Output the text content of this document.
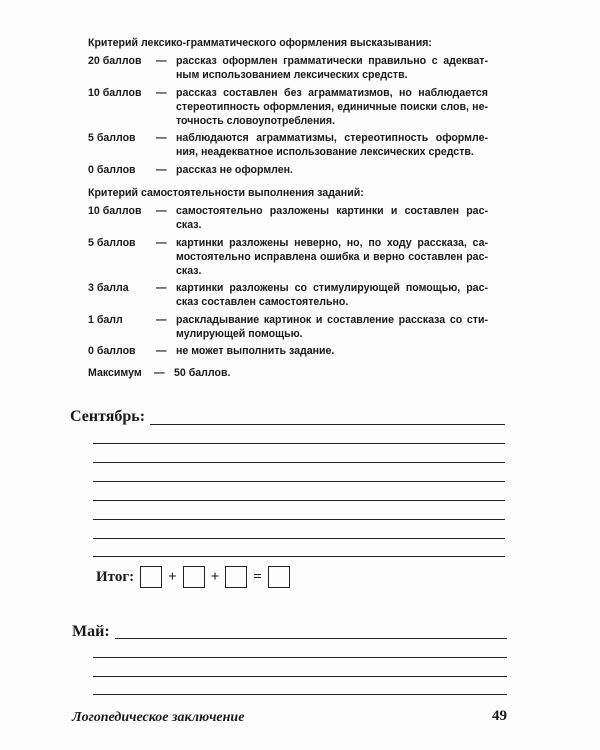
Критерий лексико-грамматического оформления высказывания:
20 баллов	— рассказ оформлен грамматически правильно с адекват-ным использованием лексических средств.
10 баллов	— рассказ составлен без аграмматизмов, но наблюдается стереотипность оформления, единичные поиски слов, не-точность словоупотребления.
5 баллов	— наблюдаются аграмматизмы, стереотипность оформле-ния, неадекватное использование лексических средств.
0 баллов	— рассказ не оформлен.
Критерий самостоятельности выполнения заданий:
10 баллов	— самостоятельно разложены картинки и составлен рас-сказ.
5 баллов	— картинки разложены неверно, но, по ходу рассказа, са-мостоятельно исправлена ошибка и верно составлен рас-сказ.
3 балла	— картинки разложены со стимулирующей помощью, рас-сказ составлен самостоятельно.
1 балл	— раскладывание картинок и составление рассказа со сти-мулирующей помощью.
0 баллов	— не может выполнить задание.
Максимум	— 50 баллов.
Сентябрь:
Итог: + + =
Май:
Логопедическое заключение	49
